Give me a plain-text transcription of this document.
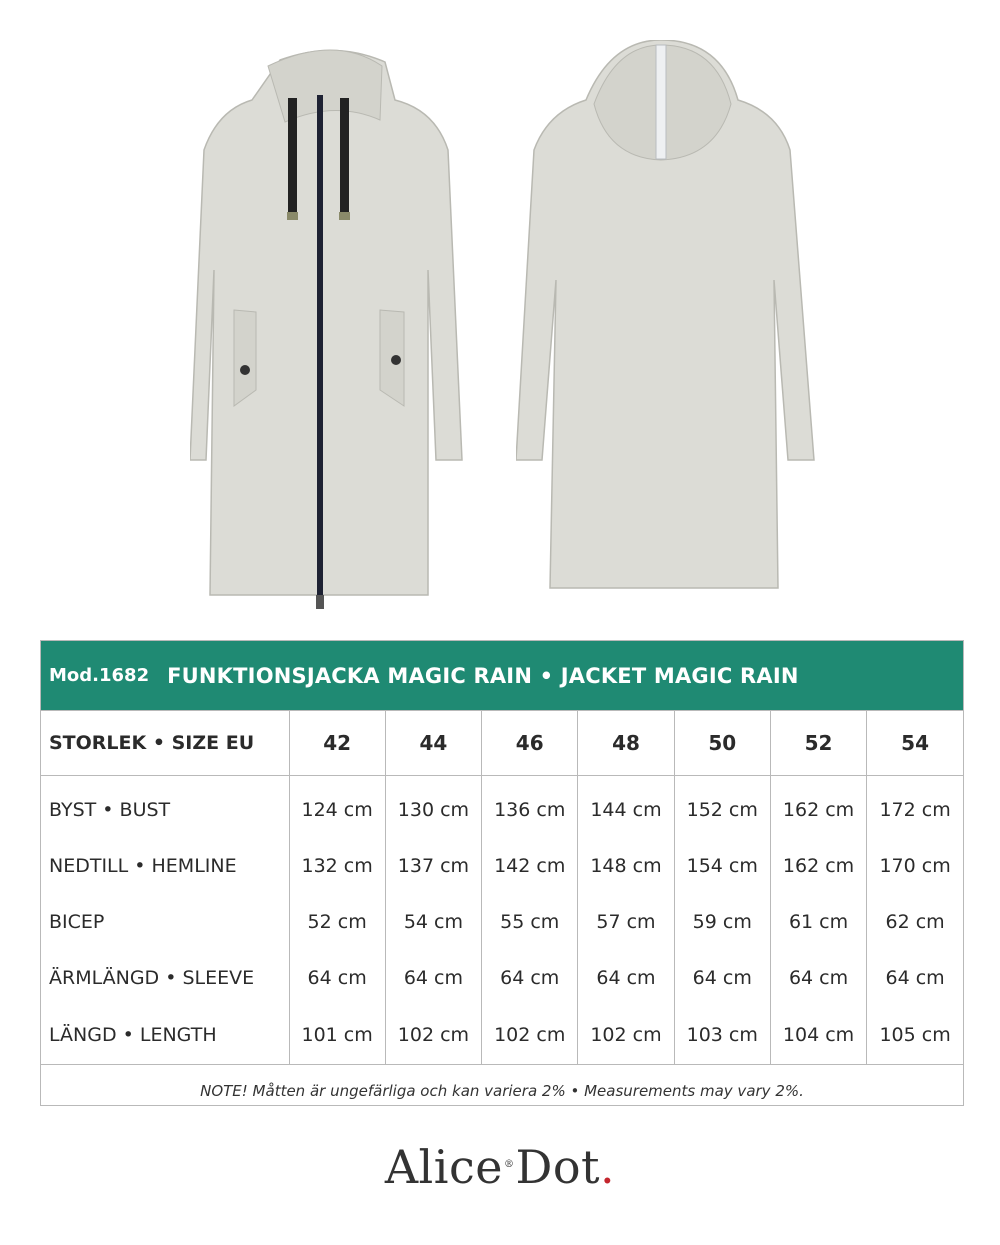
Mod.1682 FUNKTIONSJACKA MAGIC RAIN • JACKET MAGIC RAIN
STORLEK • SIZE EU	42	44	46	48	50	52	54
BYST • BUST	124 cm	130 cm	136 cm	144 cm	152 cm	162 cm	172 cm
NEDTILL • HEMLINE	132 cm	137 cm	142 cm	148 cm	154 cm	162 cm	170 cm
BICEP	52 cm	54 cm	55 cm	57 cm	59 cm	61 cm	62 cm
ÄRMLÄNGD • SLEEVE	64 cm	64 cm	64 cm	64 cm	64 cm	64 cm	64 cm
LÄNGD • LENGTH	101 cm	102 cm	102 cm	102 cm	103 cm	104 cm	105 cm
NOTE! Måtten är ungefärliga och kan variera 2% • Measurements may vary 2%.
Alice®Dot.
